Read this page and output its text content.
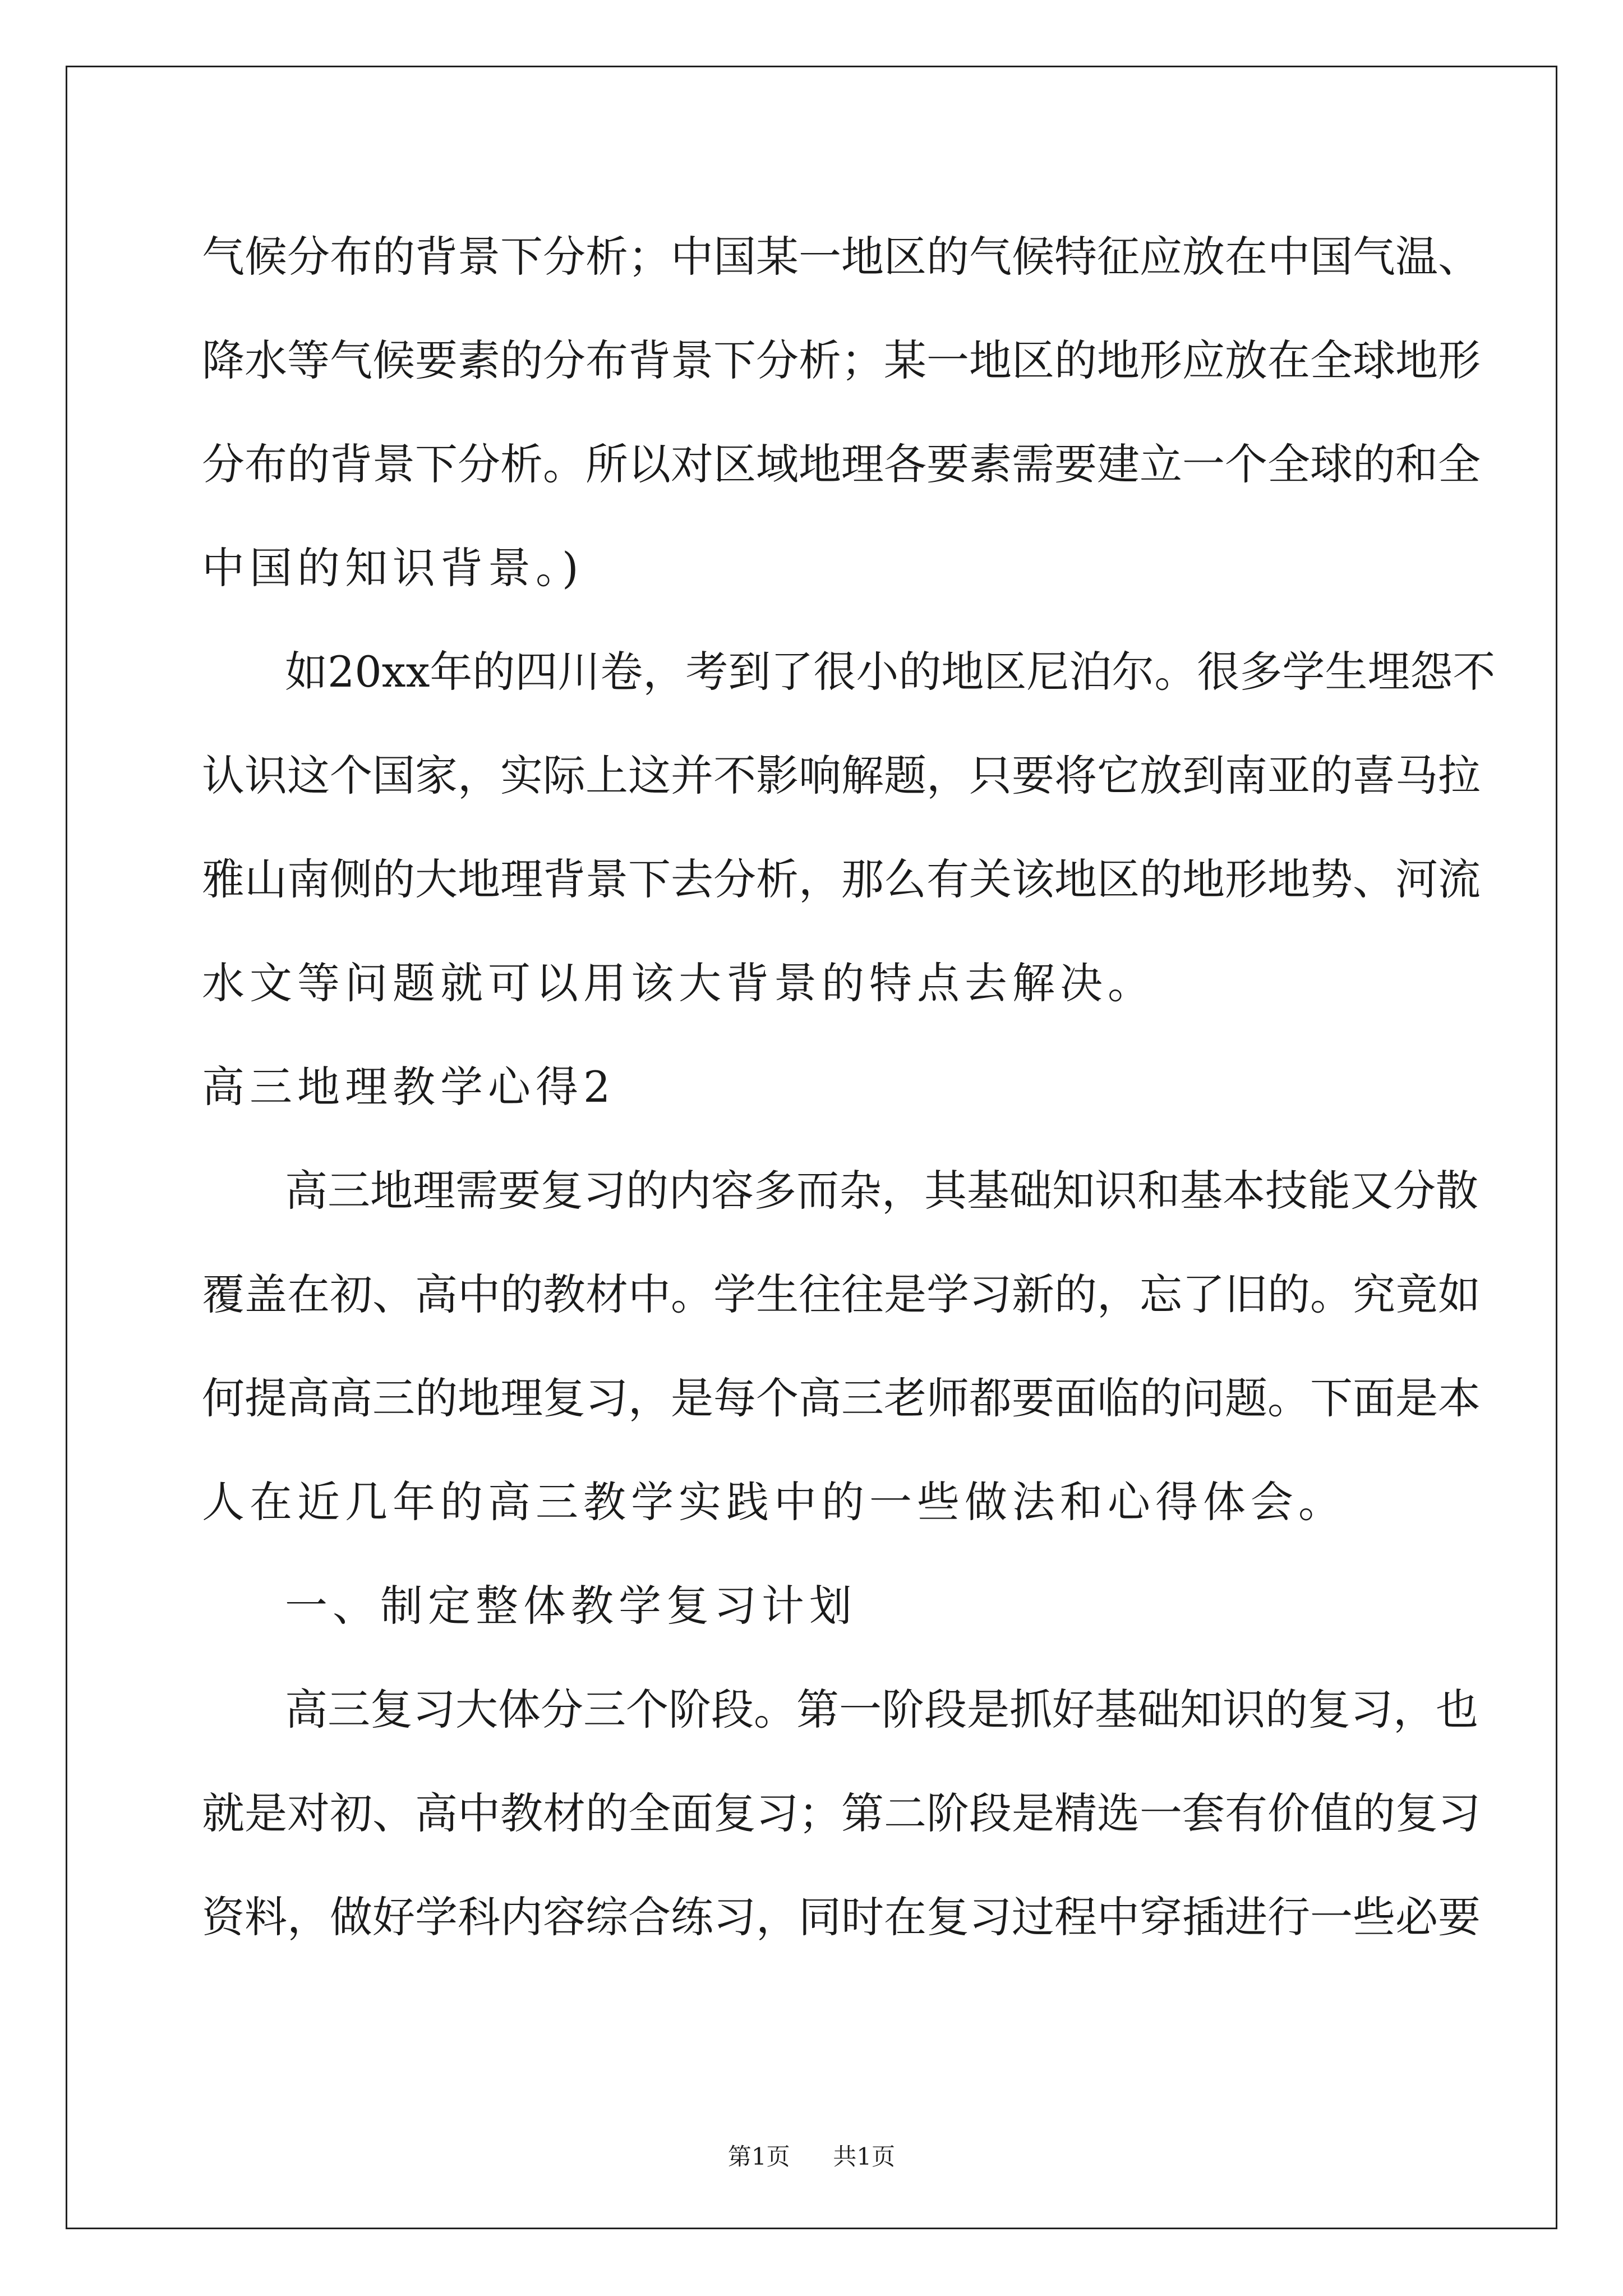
气候分布的背景下分析；中国某一地区的气候特征应放在中国气温、
降水等气候要素的分布背景下分析；某一地区的地形应放在全球地形
分布的背景下分析。所以对区域地理各要素需要建立一个全球的和全
中国的知识背景。)
如20xx年的四川卷，考到了很小的地区尼泊尔。很多学生埋怨不
认识这个国家，实际上这并不影响解题，只要将它放到南亚的喜马拉
雅山南侧的大地理背景下去分析，那么有关该地区的地形地势、河流
水文等问题就可以用该大背景的特点去解决。
高三地理教学心得2
高三地理需要复习的内容多而杂，其基础知识和基本技能又分散
覆盖在初、高中的教材中。学生往往是学习新的，忘了旧的。究竟如
何提高高三的地理复习，是每个高三老师都要面临的问题。下面是本
人在近几年的高三教学实践中的一些做法和心得体会。
一、制定整体教学复习计划
高三复习大体分三个阶段。第一阶段是抓好基础知识的复习，也
就是对初、高中教材的全面复习；第二阶段是精选一套有价值的复习
资料，做好学科内容综合练习，同时在复习过程中穿插进行一些必要
第1页 共1页
